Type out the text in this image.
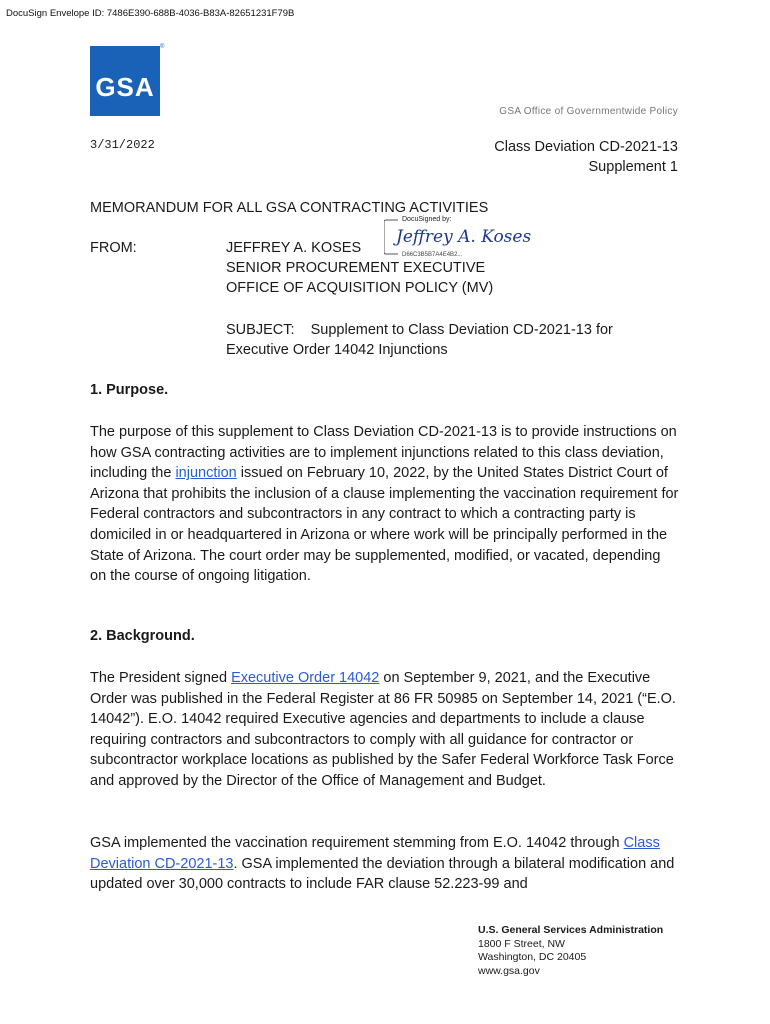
DocuSign Envelope ID: 7486E390-688B-4036-B83A-82651231F79B
GSA
®
GSA Office of Governmentwide Policy
3/31/2022	Class Deviation CD-2021-13
Supplement 1
MEMORANDUM FOR ALL GSA CONTRACTING ACTIVITIES
FROM:	JEFFREY A. KOSES
SENIOR PROCUREMENT EXECUTIVE
OFFICE OF ACQUISITION POLICY (MV)
DocuSigned by:
Jeffrey A. Koses
D66C3B5B7A4E4B2...
SUBJECT: Supplement to Class Deviation CD-2021-13 for
Executive Order 14042 Injunctions
1. Purpose.
The purpose of this supplement to Class Deviation CD-2021-13 is to provide instructions on how GSA contracting activities are to implement injunctions related to this class deviation, including the injunction issued on February 10, 2022, by the United States District Court of Arizona that prohibits the inclusion of a clause implementing the vaccination requirement for Federal contractors and subcontractors in any contract to which a contracting party is domiciled in or headquartered in Arizona or where work will be principally performed in the State of Arizona. The court order may be supplemented, modified, or vacated, depending on the course of ongoing litigation.
2. Background.
The President signed Executive Order 14042 on September 9, 2021, and the Executive Order was published in the Federal Register at 86 FR 50985 on September 14, 2021 (“E.O. 14042”). E.O. 14042 required Executive agencies and departments to include a clause requiring contractors and subcontractors to comply with all guidance for contractor or subcontractor workplace locations as published by the Safer Federal Workforce Task Force and approved by the Director of the Office of Management and Budget.
GSA implemented the vaccination requirement stemming from E.O. 14042 through Class Deviation CD-2021-13. GSA implemented the deviation through a bilateral modification and updated over 30,000 contracts to include FAR clause 52.223-99 and
U.S. General Services Administration
1800 F Street, NW
Washington, DC 20405
www.gsa.gov
